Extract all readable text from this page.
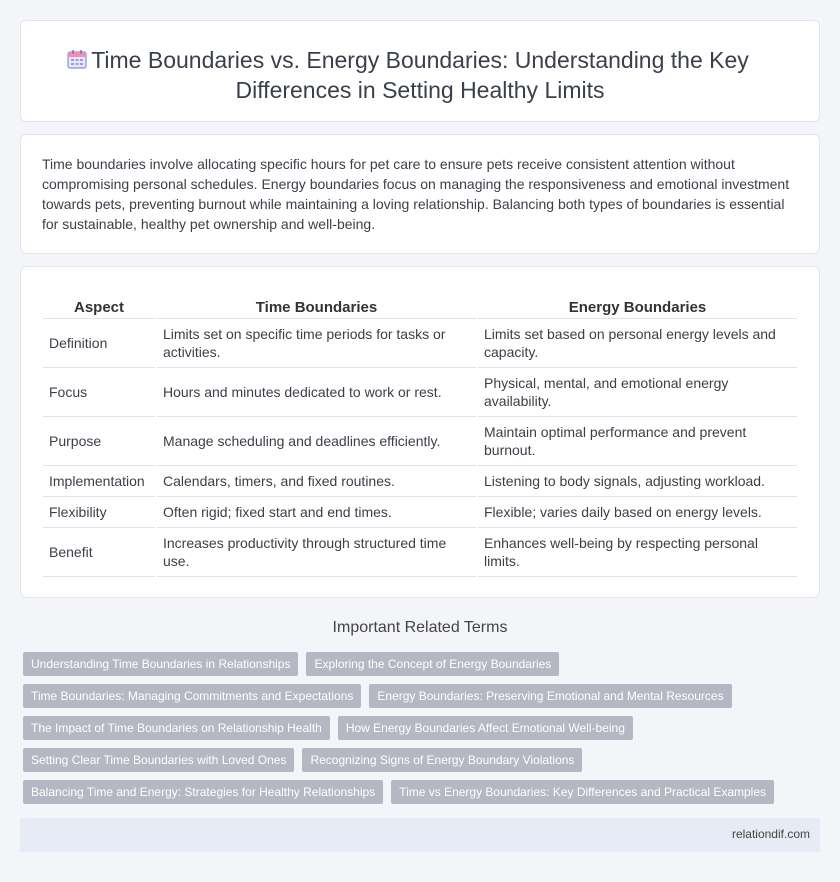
Time Boundaries vs. Energy Boundaries: Understanding the Key Differences in Setting Healthy Limits

Time boundaries involve allocating specific hours for pet care to ensure pets receive consistent attention without compromising personal schedules. Energy boundaries focus on managing the responsiveness and emotional investment towards pets, preventing burnout while maintaining a loving relationship. Balancing both types of boundaries is essential for sustainable, healthy pet ownership and well-being.

Aspect	Time Boundaries	Energy Boundaries
Definition	Limits set on specific time periods for tasks or activities.	Limits set based on personal energy levels and capacity.
Focus	Hours and minutes dedicated to work or rest.	Physical, mental, and emotional energy availability.
Purpose	Manage scheduling and deadlines efficiently.	Maintain optimal performance and prevent burnout.
Implementation	Calendars, timers, and fixed routines.	Listening to body signals, adjusting workload.
Flexibility	Often rigid; fixed start and end times.	Flexible; varies daily based on energy levels.
Benefit	Increases productivity through structured time use.	Enhances well-being by respecting personal limits.
Important Related Terms
Understanding Time Boundaries in Relationships	Exploring the Concept of Energy Boundaries
Time Boundaries: Managing Commitments and Expectations	Energy Boundaries: Preserving Emotional and Mental Resources
The Impact of Time Boundaries on Relationship Health	How Energy Boundaries Affect Emotional Well-being
Setting Clear Time Boundaries with Loved Ones	Recognizing Signs of Energy Boundary Violations
Balancing Time and Energy: Strategies for Healthy Relationships	Time vs Energy Boundaries: Key Differences and Practical Examples
relationdif.com
